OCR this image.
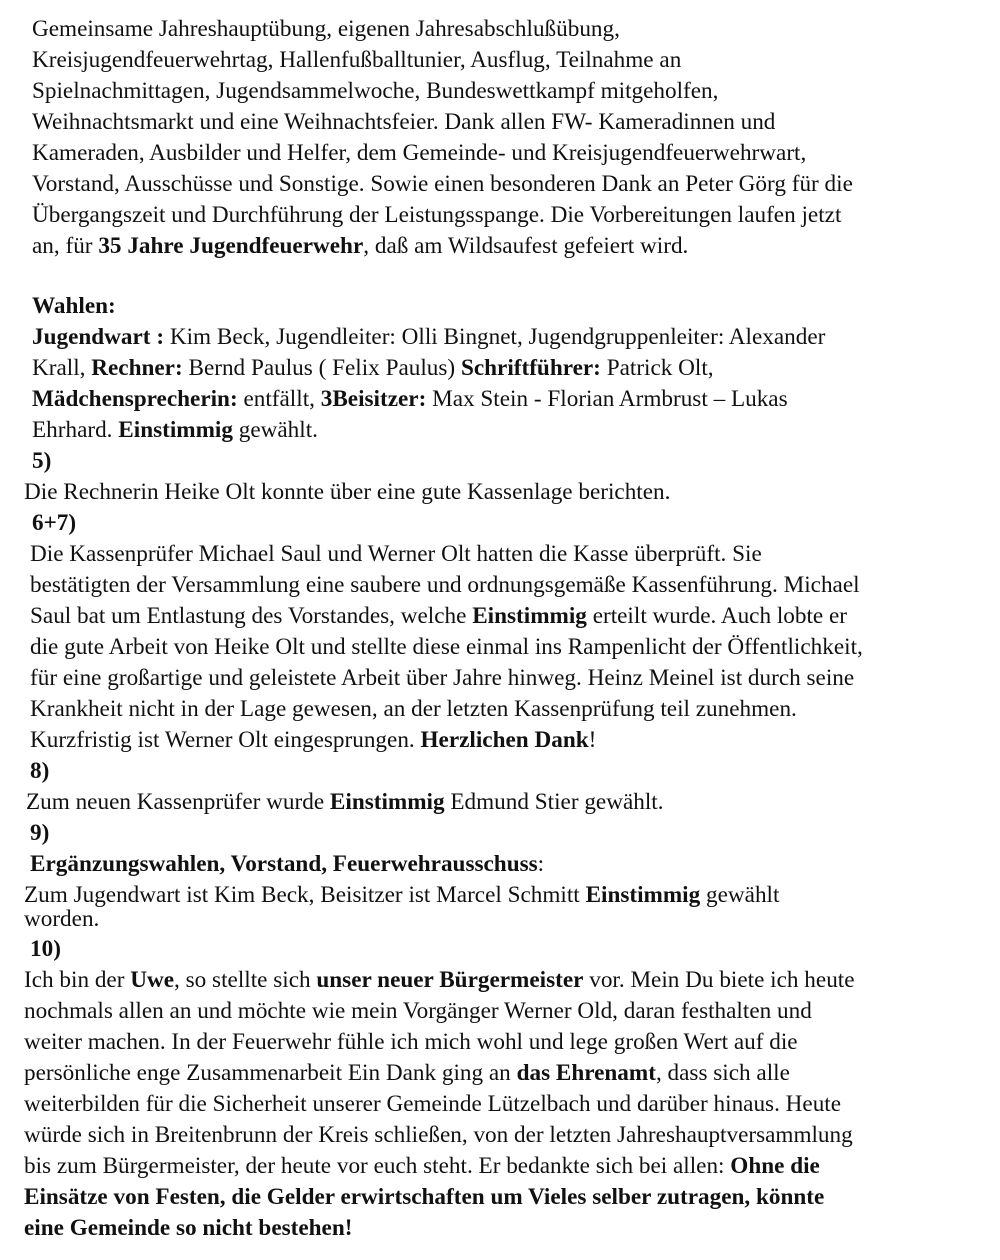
Gemeinsame Jahreshauptübung, eigenen Jahresabschlußübung,
Kreisjugendfeuerwehrtag, Hallenfußballtunier, Ausflug, Teilnahme an
Spielnachmittagen, Jugendsammelwoche, Bundeswettkampf mitgeholfen,
Weihnachtsmarkt und eine Weihnachtsfeier. Dank allen FW- Kameradinnen und
Kameraden, Ausbilder und Helfer, dem Gemeinde- und Kreisjugendfeuerwehrwart,
Vorstand, Ausschüsse und Sonstige. Sowie einen besonderen Dank an Peter Görg für die
Übergangszeit und Durchführung der Leistungsspange. Die Vorbereitungen laufen jetzt
an, für 35 Jahre Jugendfeuerwehr, daß am Wildsaufest gefeiert wird.
Wahlen:
Jugendwart : Kim Beck, Jugendleiter: Olli Bingnet, Jugendgruppenleiter: Alexander
Krall, Rechner: Bernd Paulus ( Felix Paulus) Schriftführer: Patrick Olt,
Mädchensprecherin: entfällt, 3Beisitzer: Max Stein - Florian Armbrust – Lukas
Ehrhard. Einstimmig gewählt.
5)
Die Rechnerin Heike Olt konnte über eine gute Kassenlage berichten.
6+7)
Die Kassenprüfer Michael Saul und Werner Olt hatten die Kasse überprüft. Sie
bestätigten der Versammlung eine saubere und ordnungsgemäße Kassenführung. Michael
Saul bat um Entlastung des Vorstandes, welche Einstimmig erteilt wurde. Auch lobte er
die gute Arbeit von Heike Olt und stellte diese einmal ins Rampenlicht der Öffentlichkeit,
für eine großartige und geleistete Arbeit über Jahre hinweg. Heinz Meinel ist durch seine
Krankheit nicht in der Lage gewesen, an der letzten Kassenprüfung teil zunehmen.
Kurzfristig ist Werner Olt eingesprungen. Herzlichen Dank!
8)
Zum neuen Kassenprüfer wurde Einstimmig Edmund Stier gewählt.
9)
Ergänzungswahlen, Vorstand, Feuerwehrausschuss:
Zum Jugendwart ist Kim Beck, Beisitzer ist Marcel Schmitt Einstimmig gewählt
worden.
10)
Ich bin der Uwe, so stellte sich unser neuer Bürgermeister vor. Mein Du biete ich heute
nochmals allen an und möchte wie mein Vorgänger Werner Old, daran festhalten und
weiter machen. In der Feuerwehr fühle ich mich wohl und lege großen Wert auf die
persönliche enge Zusammenarbeit Ein Dank ging an das Ehrenamt, dass sich alle
weiterbilden für die Sicherheit unserer Gemeinde Lützelbach und darüber hinaus. Heute
würde sich in Breitenbrunn der Kreis schließen, von der letzten Jahreshauptversammlung
bis zum Bürgermeister, der heute vor euch steht. Er bedankte sich bei allen: Ohne die
Einsätze von Festen, die Gelder erwirtschaften um Vieles selber zutragen, könnte
eine Gemeinde so nicht bestehen!
